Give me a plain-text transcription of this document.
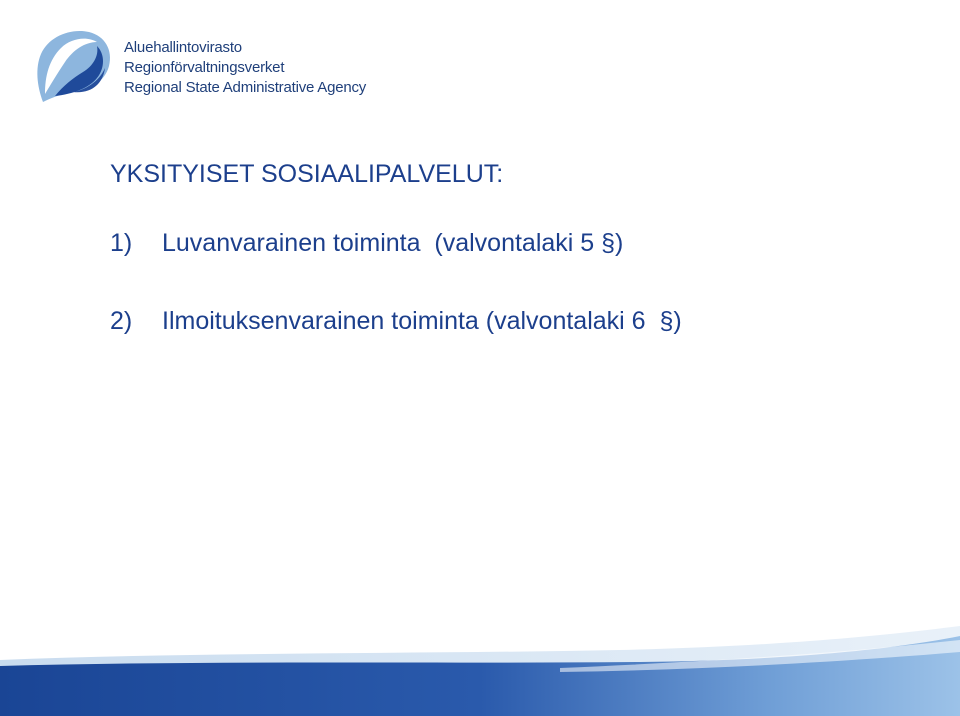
Aluehallintovirasto
Regionförvaltningsverket
Regional State Administrative Agency
YKSITYISET SOSIAALIPALVELUT:
1) Luvanvarainen toiminta  (valvontalaki 5 §)
2) Ilmoituksenvarainen toiminta (valvontalaki 6  §)
